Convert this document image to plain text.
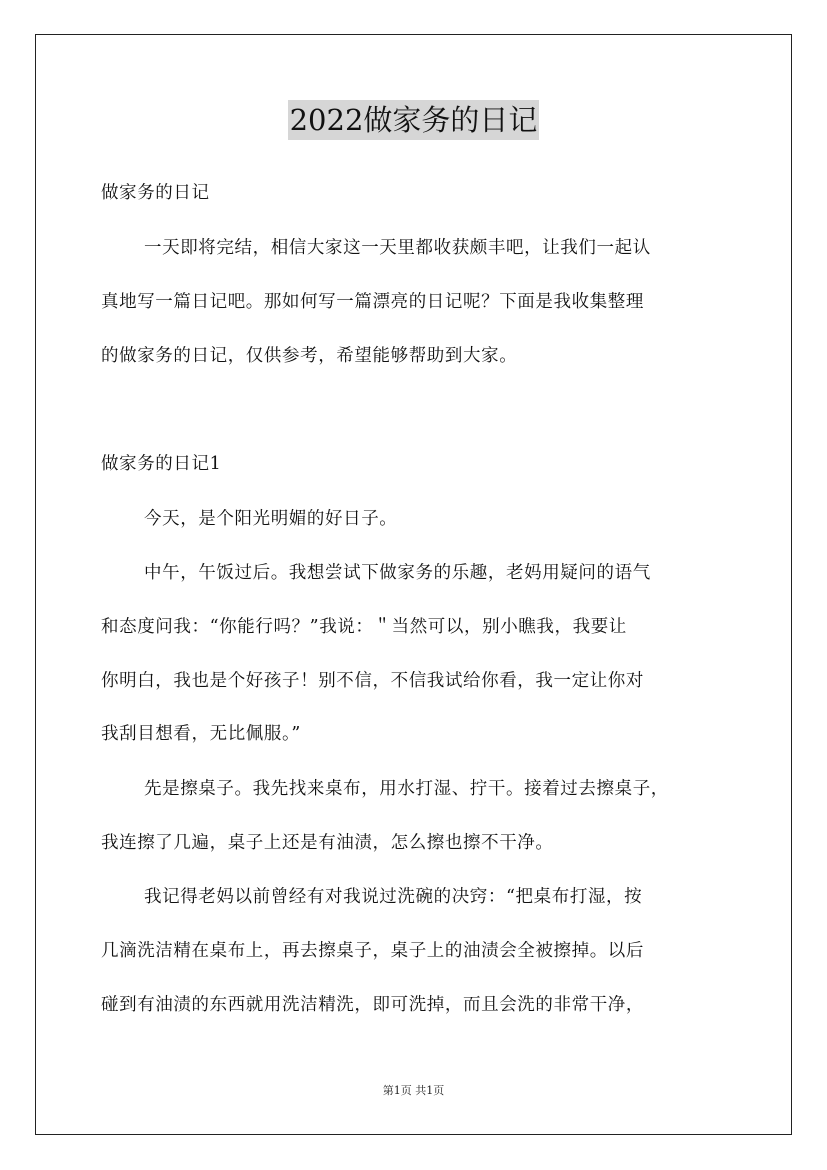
2022做家务的日记
做家务的日记
一天即将完结，相信大家这一天里都收获颇丰吧，让我们一起认
真地写一篇日记吧。那如何写一篇漂亮的日记呢？下面是我收集整理
的做家务的日记，仅供参考，希望能够帮助到大家。
做家务的日记1
今天，是个阳光明媚的好日子。
中午，午饭过后。我想尝试下做家务的乐趣，老妈用疑问的语气
和态度问我：“你能行吗？”我说：＂当然可以，别小瞧我，我要让
你明白，我也是个好孩子！别不信，不信我试给你看，我一定让你对
我刮目想看，无比佩服。”
先是擦桌子。我先找来桌布，用水打湿、拧干。接着过去擦桌子，
我连擦了几遍，桌子上还是有油渍，怎么擦也擦不干净。
我记得老妈以前曾经有对我说过洗碗的决窍：“把桌布打湿，按
几滴洗洁精在桌布上，再去擦桌子，桌子上的油渍会全被擦掉。以后
碰到有油渍的东西就用洗洁精洗，即可洗掉，而且会洗的非常干净，
第1页 共1页
